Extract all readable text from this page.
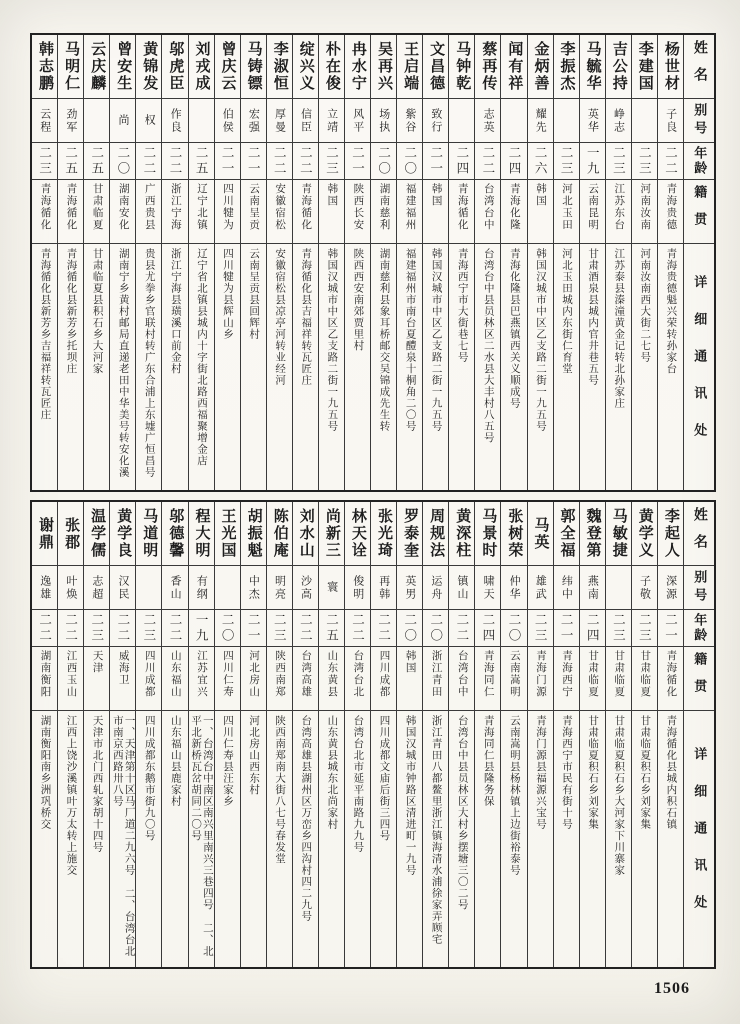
姓名
别号
年龄
籍贯
详细通讯处
杨世材
子良
二二
青海贵德
青海贵德魁兴荣转孙家台
李建国
二三
河南汝南
河南汝南西大街二七号
吉公持
峥志
二三
江苏东台
江苏泰县溱潼黄金记转北孙家庄
马毓华
英华
一九
云南昆明
甘肃酒泉县城内官井巷五号
李振杰
二三
河北玉田
河北玉田城内东街仁育堂
金炳善
耀先
二六
韩国
韩国汉城市中区乙支路二街一九五号
闻有祥
二四
青海化隆
青海化隆县巴燕镇西关义顺成号
蔡再传
志英
二二
台湾台中
台湾台中县员林区二水县大丰村八五号
马钟乾
二四
青海循化
青海西宁市大街巷七号
文昌德
致行
二一
韩国
韩国汉城市中区乙支路二街一九五号
王启端
紫谷
二〇
福建福州
福建福州市南台夏醴泉十桐角二〇号
吴再兴
场执
二〇
湖南慈利
湖南慈利县象耳桥邮交吴锦成先生转
冉水宁
风平
二一
陕西长安
陕西西安南郊贾里村
朴在俊
立靖
二三
韩国
韩国汉城市中区乙支路二街一九五号
绽兴义
信臣
二二
青海循化
青海循化县吉福祥转瓦匠庄
李淑恒
厚曼
二二
安徽宿松
安徽宿松县凉亭河转业经河
马铸镖
宏强
二一
云南呈贡
云南呈贡县回辉村
曾庆云
伯侯
二一
四川犍为
四川犍为县辉山乡
刘戎成
二五
辽宁北镇
辽宁省北镇县城内十字街北路西福聚增金店
邬虎臣
作良
二二
浙江宁海
浙江宁海县璜溪口前金村
黄锦发
权
二二
广西贵县
贵县尤拳乡官联村转广东合浦上东墟广恒昌号
曾安生
尚
二〇
湖南安化
湖南宁乡黄村邮局直递老田中华美号转安化溪
云庆麟
二五
甘肃临夏
甘肃临夏县积石乡大河家
马明仁
劲军
二五
青海循化
青海循化县新芳乡托坝庄
韩志鹏
云程
二三
青海循化
青海循化县新芳乡吉福祥转瓦匠庄
姓名
别号
年龄
籍贯
详细通讯处
李起人
深源
二一
青海循化
青海循化县城内积石镇
黄学义
子敬
二三
甘肃临夏
甘肃临夏积石乡刘家集
马敏捷
二三
甘肃临夏
甘肃临夏积石乡大河家下川寨家
魏登第
燕南
二四
甘肃临夏
甘肃临夏积石乡刘家集
郭全福
纬中
二一
青海西宁
青海西宁市民有街十号
马英
雄武
二三
青海门源
青海门源县福源兴宝号
张树荣
仲华
二〇
云南嵩明
云南嵩明县杨林镇上边街裕泰号
马景时
啸天
二四
青海同仁
青海同仁县隆务保
黄深柱
镇山
二二
台湾台中
台湾台中县员林区大村乡摆塘三〇二号
周规法
运舟
二〇
浙江青田
浙江青田八都鳌里浙江镇海清水浦徐家弄顾宅
罗泰奎
英男
二〇
韩国
韩国汉城市钟路区清进町一九号
张光琦
再韩
二二
四川成都
四川成都文庙后街三四号
林天诠
俊明
二二
台湾台北
台湾台北市延平南路九九号
尚新三
寰
二五
山东黄县
山东黄县城东北尚家村
刘水山
沙高
二二
台湾高雄
台湾高雄县湖州区万峦乡四沟村四二九号
陈伯庵
明亮
二三
陕西南郑
陕西南郑南大街八七号春发堂
胡振魁
中杰
二一
河北房山
河北房山西东村
王光国
二〇
四川仁寿
四川仁寿县汪家乡
程大明
有纲
一九
江苏宜兴
一、台湾台中南区南兴里南兴三巷四号 二、北平北新桥瓦岔胡同二〇号
邬德馨
香山
二二
山东福山
山东福山县鹿家村
马道明
二三
四川成都
四川成都东鹅市街九〇号
黄学良
汉民
二二
威海卫
一、天津第十区马厂道二九六号 二、台湾台北市南京西路卅八号
温学儒
志超
二三
天津
天津市北门西轧家胡十四号
张郡
叶焕
二二
江西玉山
江西上饶沙溪镇叶万太转上施交
谢鼎
逸雄
二二
湖南衡阳
湖南衡阳南乡洲巩桥交
1506
